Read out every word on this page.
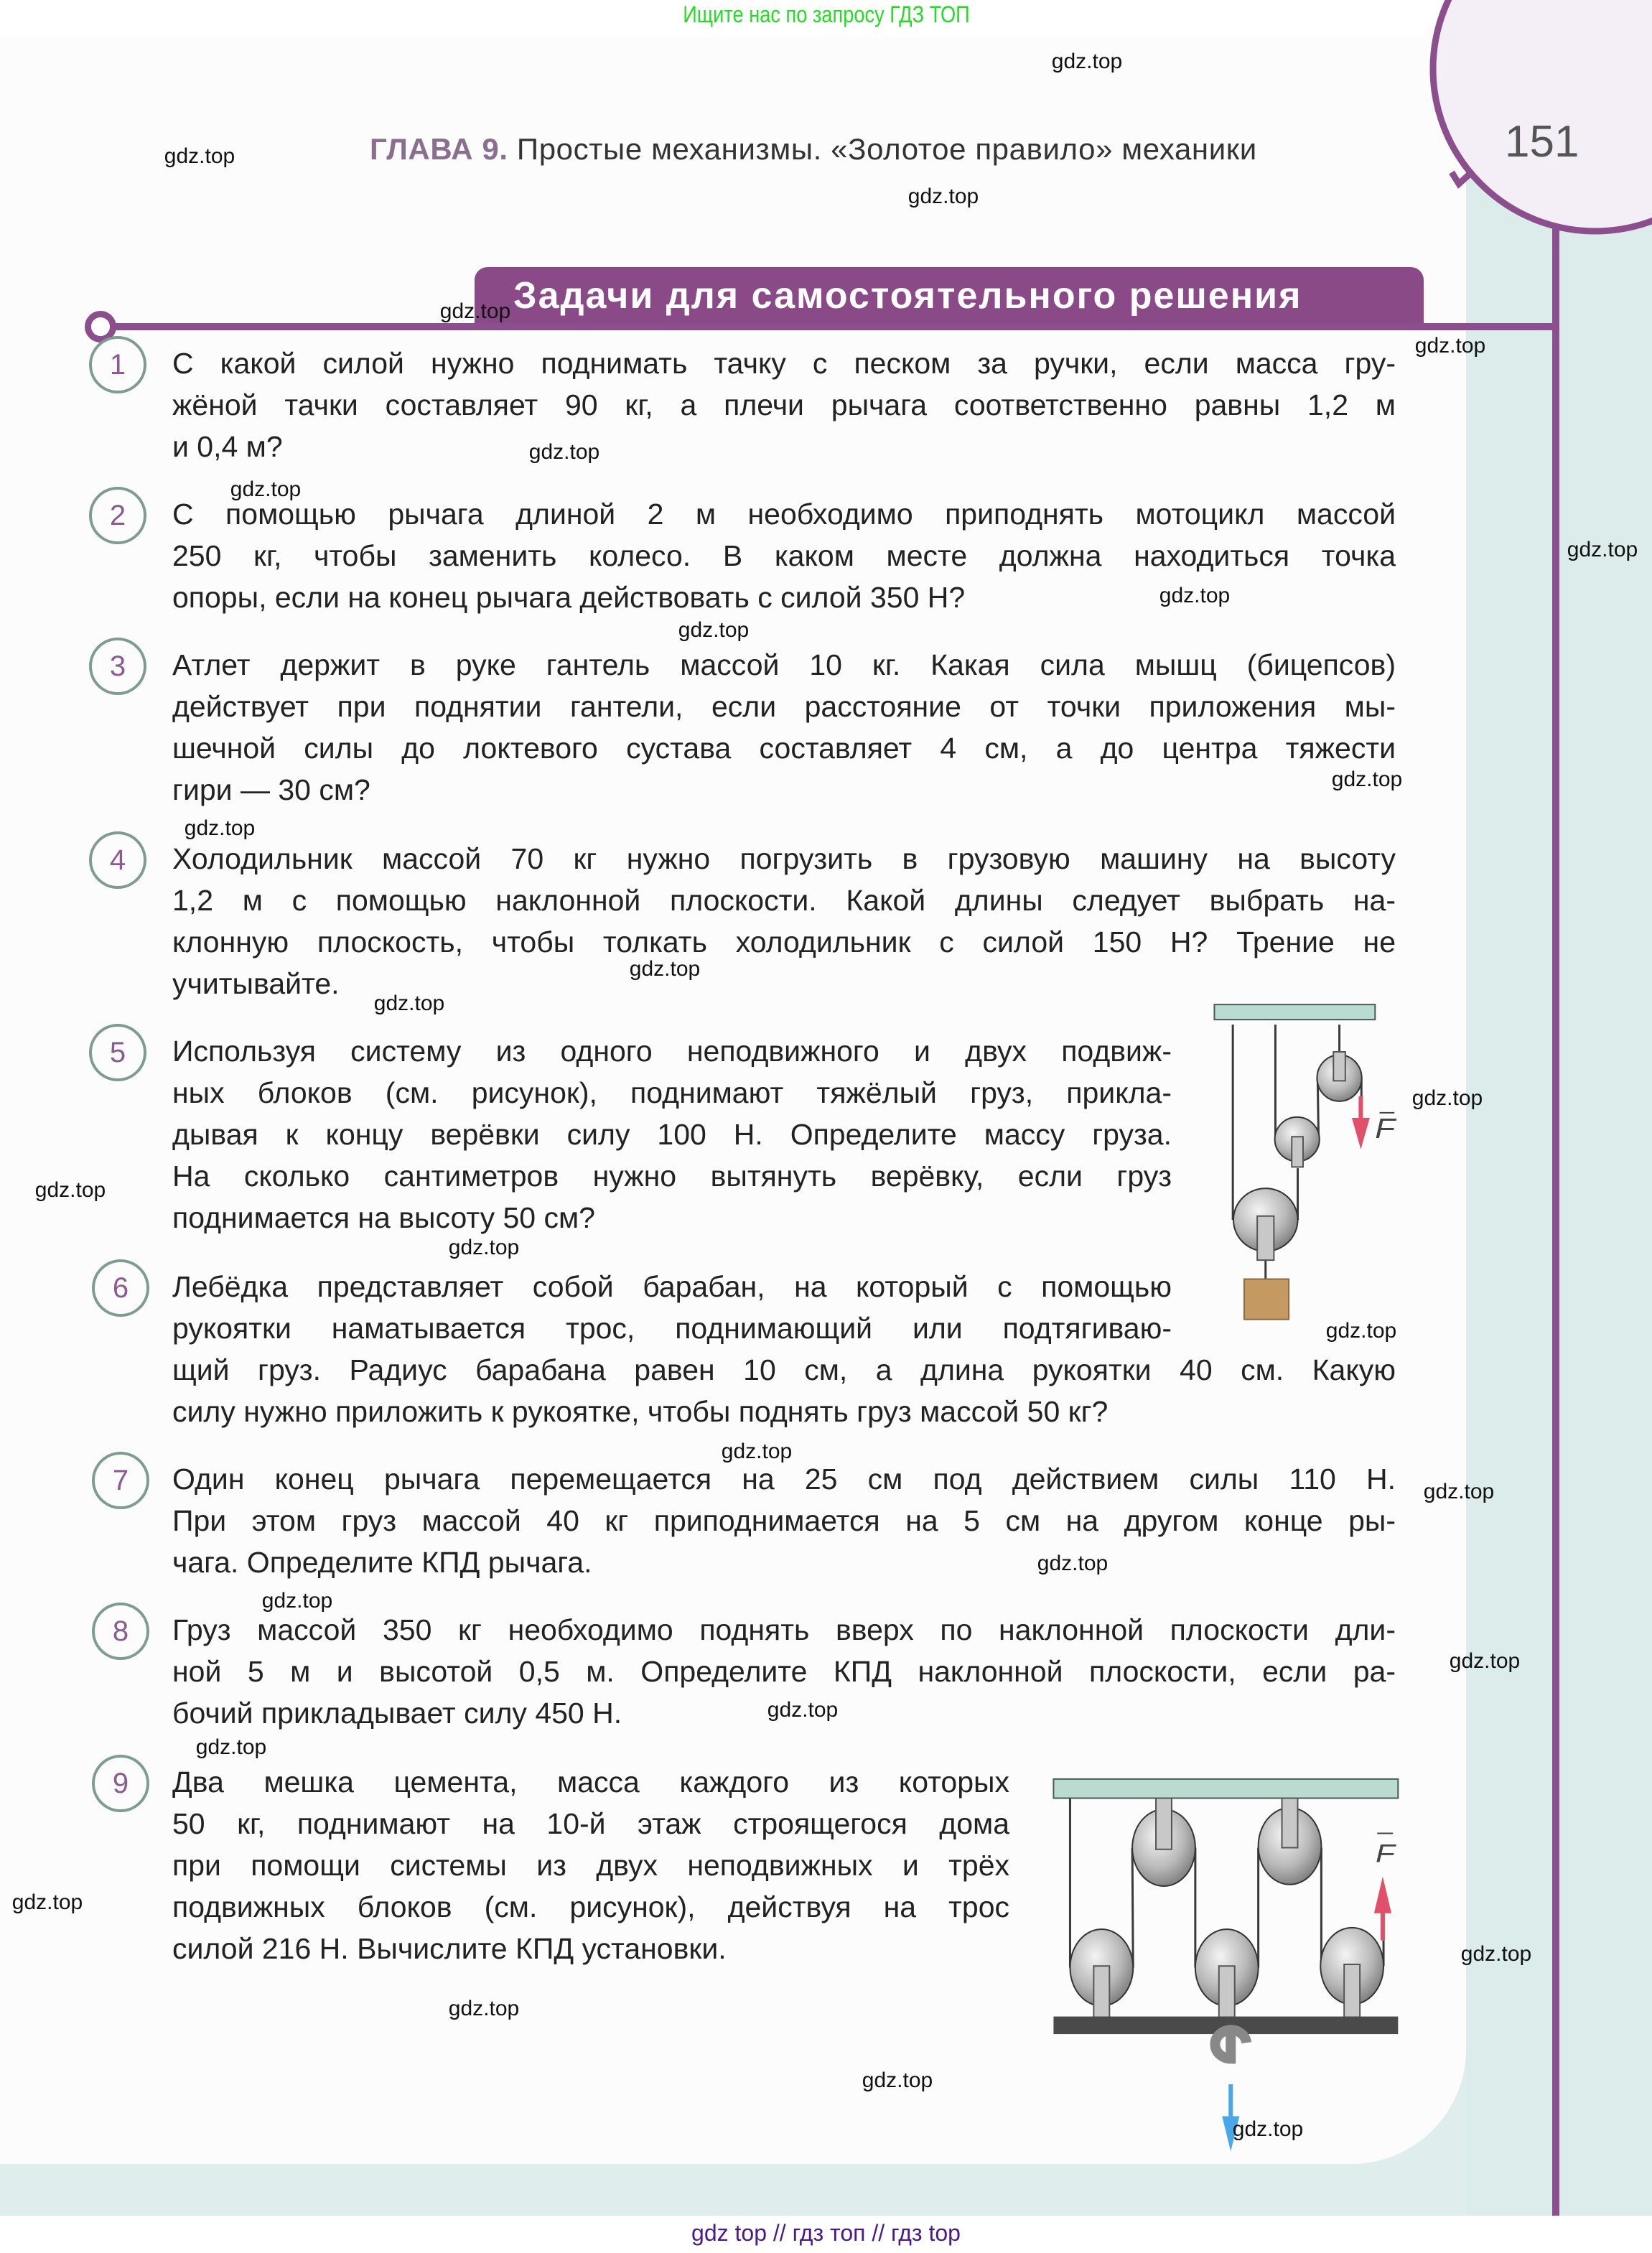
Ищите нас по запросу ГДЗ ТОП
151
ГЛАВА 9. Простые механизмы. «Золотое правило» механики
Задачи для самостоятельного решения
1	С какой силой нужно поднимать тачку с песком за ручки, если масса гру-
жёной тачки составляет 90 кг, а плечи рычага соответственно равны 1,2 м
и 0,4 м?
2	С помощью рычага длиной 2 м необходимо приподнять мотоцикл массой
250 кг, чтобы заменить колесо. В каком месте должна находиться точка
опоры, если на конец рычага действовать с силой 350 Н?
3	Атлет держит в руке гантель массой 10 кг. Какая сила мышц (бицепсов)
действует при поднятии гантели, если расстояние от точки приложения мы-
шечной силы до локтевого сустава составляет 4 см, а до центра тяжести
гири — 30 см?
4	Холодильник массой 70 кг нужно погрузить в грузовую машину на высоту
1,2 м с помощью наклонной плоскости. Какой длины следует выбрать на-
клонную плоскость, чтобы толкать холодильник с силой 150 Н? Трение не
учитывайте.
5	Используя систему из одного неподвижного и двух подвиж-
ных блоков (см. рисунок), поднимают тяжёлый груз, прикла-
дывая к концу верёвки силу 100 Н. Определите массу груза.
На сколько сантиметров нужно вытянуть верёвку, если груз
поднимается на высоту 50 см?
6	Лебёдка представляет собой барабан, на который с помощью
рукоятки наматывается трос, поднимающий или подтягиваю-
щий груз. Радиус барабана равен 10 см, а длина рукоятки 40 см. Какую
силу нужно приложить к рукоятке, чтобы поднять груз массой 50 кг?
7	Один конец рычага перемещается на 25 см под действием силы 110 Н.
При этом груз массой 40 кг приподнимается на 5 см на другом конце ры-
чага. Определите КПД рычага.
8	Груз массой 350 кг необходимо поднять вверх по наклонной плоскости дли-
ной 5 м и высотой 0,5 м. Определите КПД наклонной плоскости, если ра-
бочий прикладывает силу 450 Н.
9	Два мешка цемента, масса каждого из которых
50 кг, поднимают на 10-й этаж строящегося дома
при помощи системы из двух неподвижных и трёх
подвижных блоков (см. рисунок), действуя на трос
силой 216 Н. Вычислите КПД установки.
F
F
gdz.top
gdz.top
gdz.top
gdz.top
gdz.top
gdz.top
gdz.top
gdz.top
gdz.top
gdz.top
gdz.top
gdz.top
gdz.top
gdz.top
gdz.top
gdz.top
gdz.top
gdz.top
gdz.top
gdz.top
gdz.top
gdz.top
gdz.top
gdz.top
gdz.top
gdz.top
gdz.top
gdz.top
gdz.top
gdz.top
gdz top // гдз топ // гдз top
